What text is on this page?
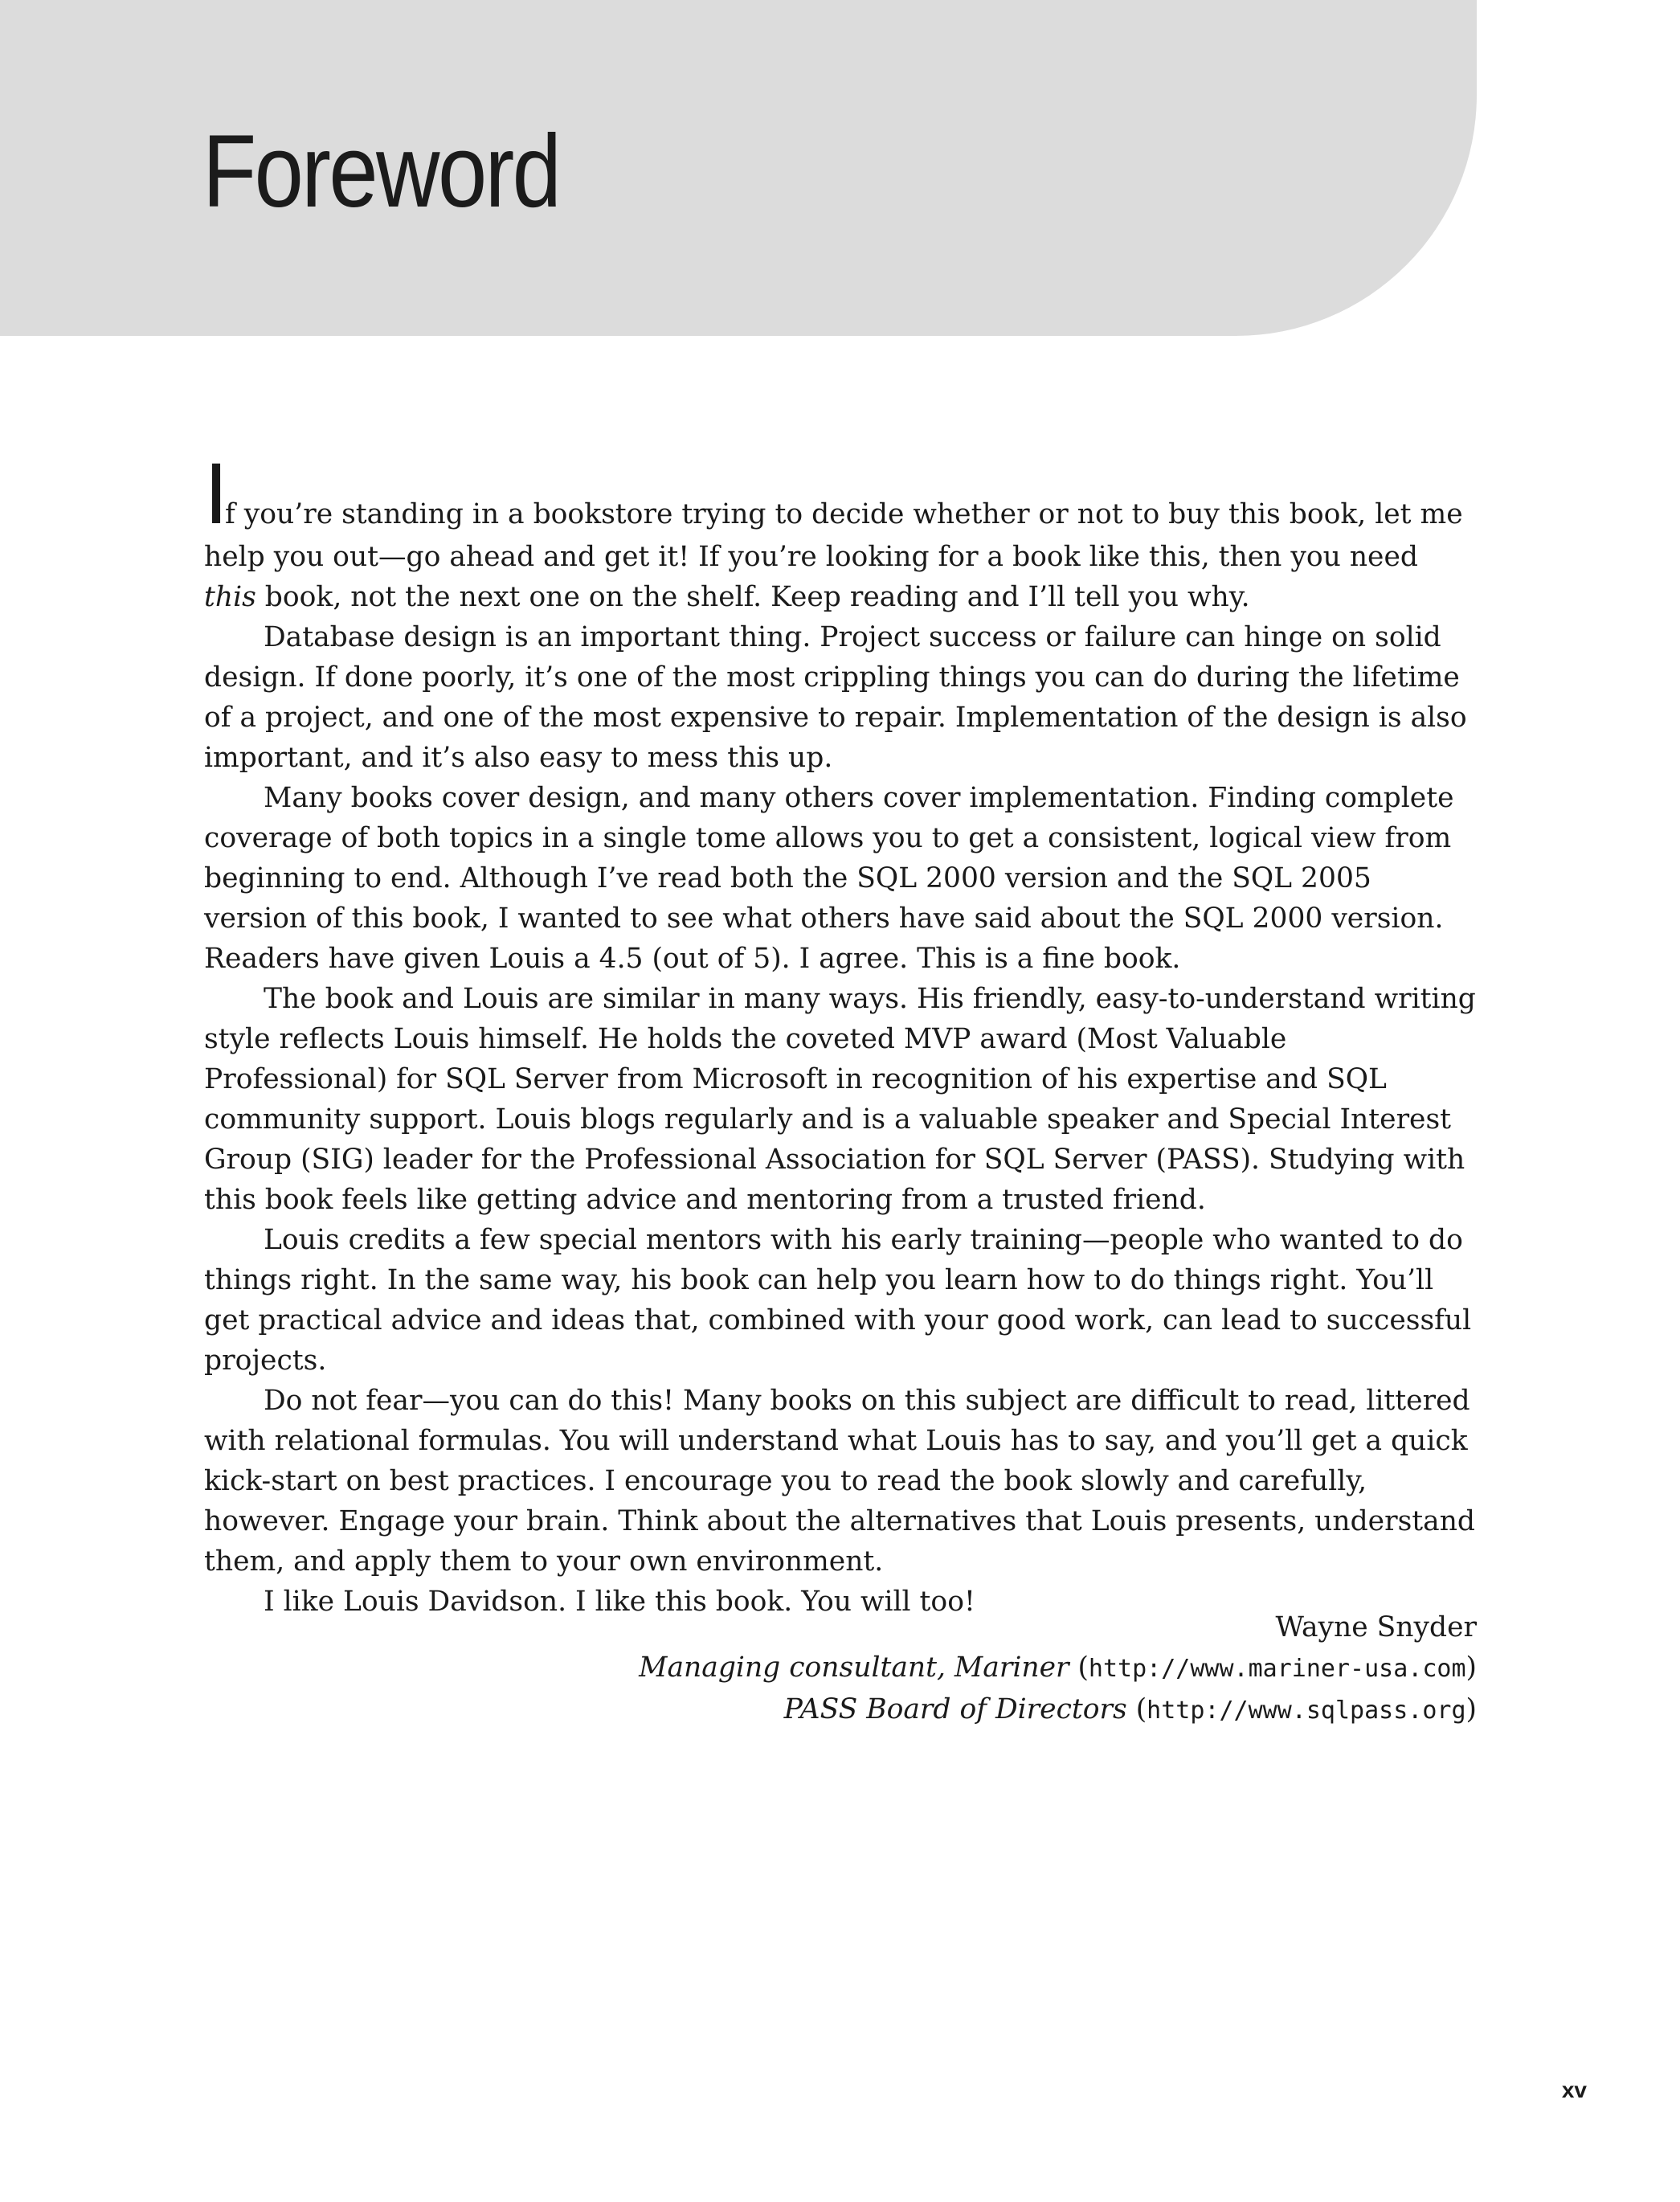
Foreword

If you’re standing in a bookstore trying to decide whether or not to buy this book, let me help you out—go ahead and get it! If you’re looking for a book like this, then you need this book, not the next one on the shelf. Keep reading and I’ll tell you why.

Database design is an important thing. Project success or failure can hinge on solid design. If done poorly, it’s one of the most crippling things you can do during the lifetime of a project, and one of the most expensive to repair. Implementation of the design is also important, and it’s also easy to mess this up.

Many books cover design, and many others cover implementation. Finding complete coverage of both topics in a single tome allows you to get a consistent, logical view from beginning to end. Although I’ve read both the SQL 2000 version and the SQL 2005 version of this book, I wanted to see what others have said about the SQL 2000 version. Readers have given Louis a 4.5 (out of 5). I agree. This is a fine book.

The book and Louis are similar in many ways. His friendly, easy-to-understand writing style reflects Louis himself. He holds the coveted MVP award (Most Valuable Professional) for SQL Server from Microsoft in recognition of his expertise and SQL community support. Louis blogs regularly and is a valuable speaker and Special Interest Group (SIG) leader for the Professional Association for SQL Server (PASS). Studying with this book feels like getting advice and mentoring from a trusted friend.

Louis credits a few special mentors with his early training—people who wanted to do things right. In the same way, his book can help you learn how to do things right. You’ll get practical advice and ideas that, combined with your good work, can lead to successful projects.

Do not fear—you can do this! Many books on this subject are difficult to read, littered with relational formulas. You will understand what Louis has to say, and you’ll get a quick kick-start on best practices. I encourage you to read the book slowly and carefully, however. Engage your brain. Think about the alternatives that Louis presents, understand them, and apply them to your own environment.

I like Louis Davidson. I like this book. You will too!

Wayne Snyder
Managing consultant, Mariner (http://www.mariner-usa.com)
PASS Board of Directors (http://www.sqlpass.org)
xv
